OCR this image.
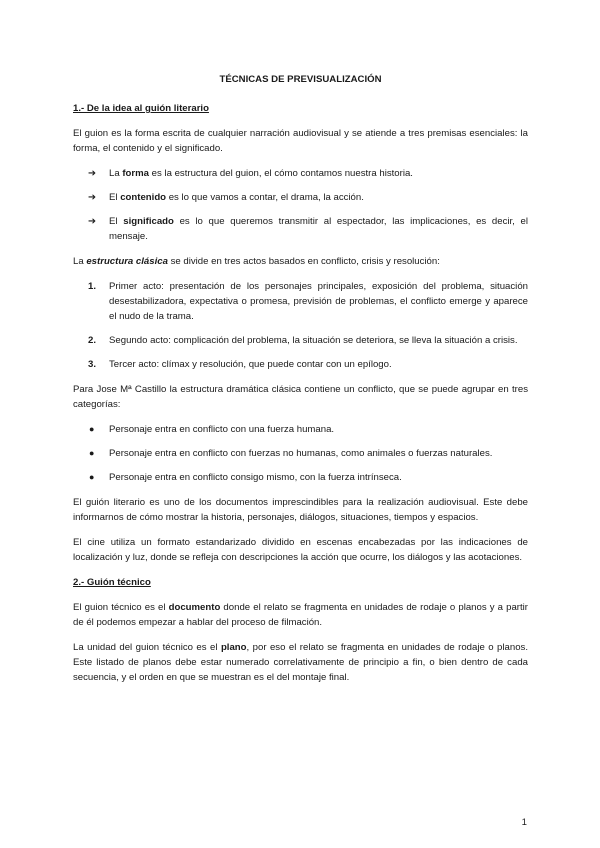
TÉCNICAS DE PREVISUALIZACIÓN

1.- De la idea al guión literario

El guion es la forma escrita de cualquier narración audiovisual y se atiende a tres premisas esenciales: la forma, el contenido y el significado.

➔ La forma es la estructura del guion, el cómo contamos nuestra historia.
➔ El contenido es lo que vamos a contar, el drama, la acción.
➔ El significado es lo que queremos transmitir al espectador, las implicaciones, es decir, el mensaje.

La estructura clásica se divide en tres actos basados en conflicto, crisis y resolución:

1. Primer acto: presentación de los personajes principales, exposición del problema, situación desestabilizadora, expectativa o promesa, previsión de problemas, el conflicto emerge y aparece el nudo de la trama.
2. Segundo acto: complicación del problema, la situación se deteriora, se lleva la situación a crisis.
3. Tercer acto: clímax y resolución, que puede contar con un epílogo.

Para Jose Mª Castillo la estructura dramática clásica contiene un conflicto, que se puede agrupar en tres categorías:

● Personaje entra en conflicto con una fuerza humana.
● Personaje entra en conflicto con fuerzas no humanas, como animales o fuerzas naturales.
● Personaje entra en conflicto consigo mismo, con la fuerza intrínseca.

El guión literario es uno de los documentos imprescindibles para la realización audiovisual. Este debe informarnos de cómo mostrar la historia, personajes, diálogos, situaciones, tiempos y espacios.

El cine utiliza un formato estandarizado dividido en escenas encabezadas por las indicaciones de localización y luz, donde se refleja con descripciones la acción que ocurre, los diálogos y las acotaciones.

2.- Guión técnico

El guion técnico es el documento donde el relato se fragmenta en unidades de rodaje o planos y a partir de él podemos empezar a hablar del proceso de filmación.

La unidad del guion técnico es el plano, por eso el relato se fragmenta en unidades de rodaje o planos. Este listado de planos debe estar numerado correlativamente de principio a fin, o bien dentro de cada secuencia, y el orden en que se muestran es el del montaje final.

1
